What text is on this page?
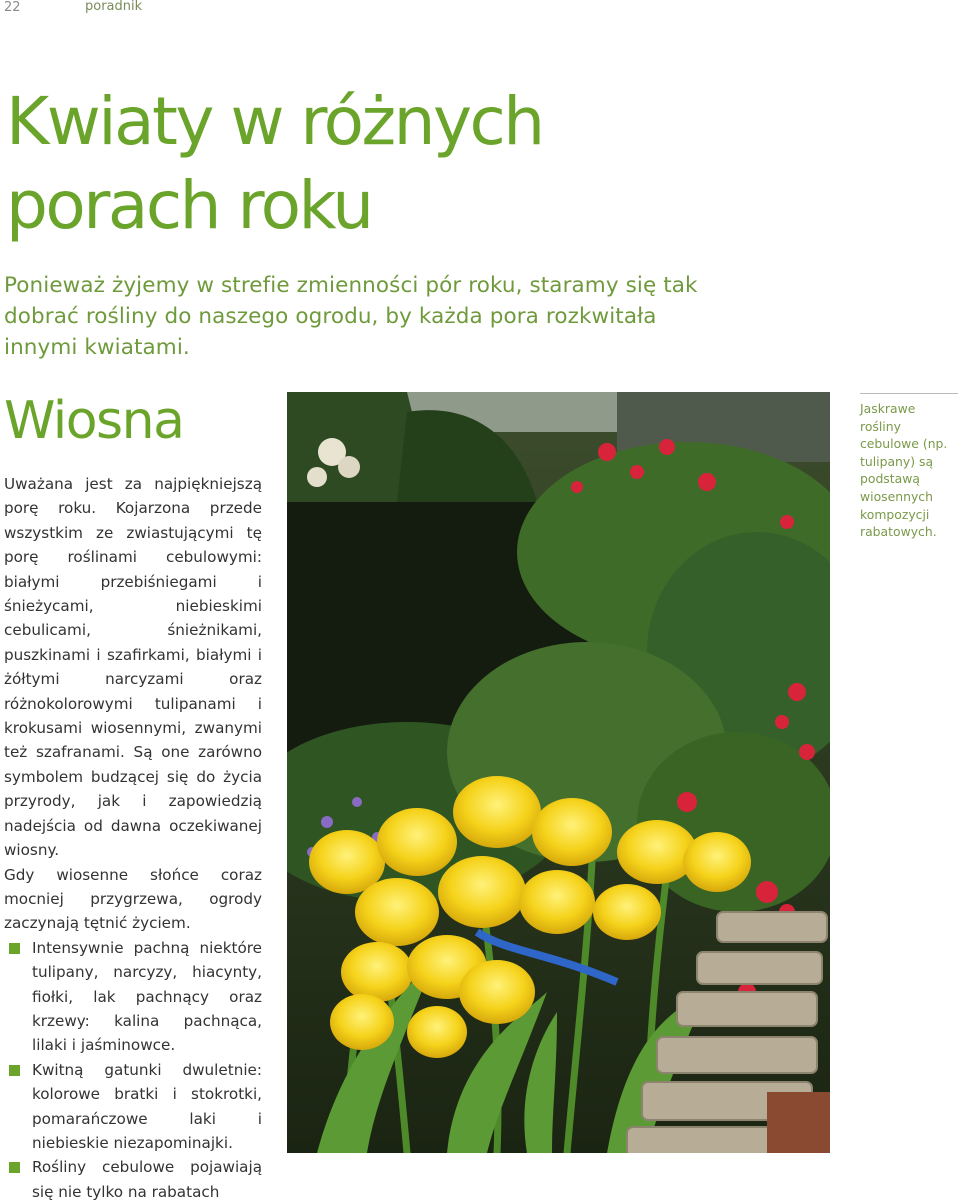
22	poradnik
Kwiaty w różnych porach roku

Ponieważ żyjemy w strefie zmienności pór roku, staramy się tak dobrać rośliny do naszego ogrodu, by każda pora rozkwitała innymi kwiatami.

Wiosna

Uważana jest za najpiękniejszą porę roku. Kojarzona przede wszystkim ze zwiastującymi tę porę roślinami cebulowymi: białymi przebiśniegami i śnieżycami, niebieskimi cebulicami, śnieżnikami, puszkinami i szafirkami, białymi i żółtymi narcyzami oraz różnokolorowymi tulipanami i krokusami wiosennymi, zwanymi też szafranami. Są one zarówno symbolem budzącej się do życia przyrody, jak i zapowiedzią nadejścia od dawna oczekiwanej wiosny.

Gdy wiosenne słońce coraz mocniej przygrzewa, ogrody zaczynają tętnić życiem.

Intensywnie pachną niektóre tulipany, narcyzy, hiacynty, fiołki, lak pachnący oraz krzewy: kalina pachnąca, lilaki i jaśminowce.
Kwitną gatunki dwuletnie: kolorowe bratki i stokrotki, pomarańczowe laki i niebieskie niezapominajki.
Rośliny cebulowe pojawiają się nie tylko na rabatach
Jaskrawe rośliny cebulowe (np. tulipany) są podstawą wiosennych kompozycji rabatowych.
